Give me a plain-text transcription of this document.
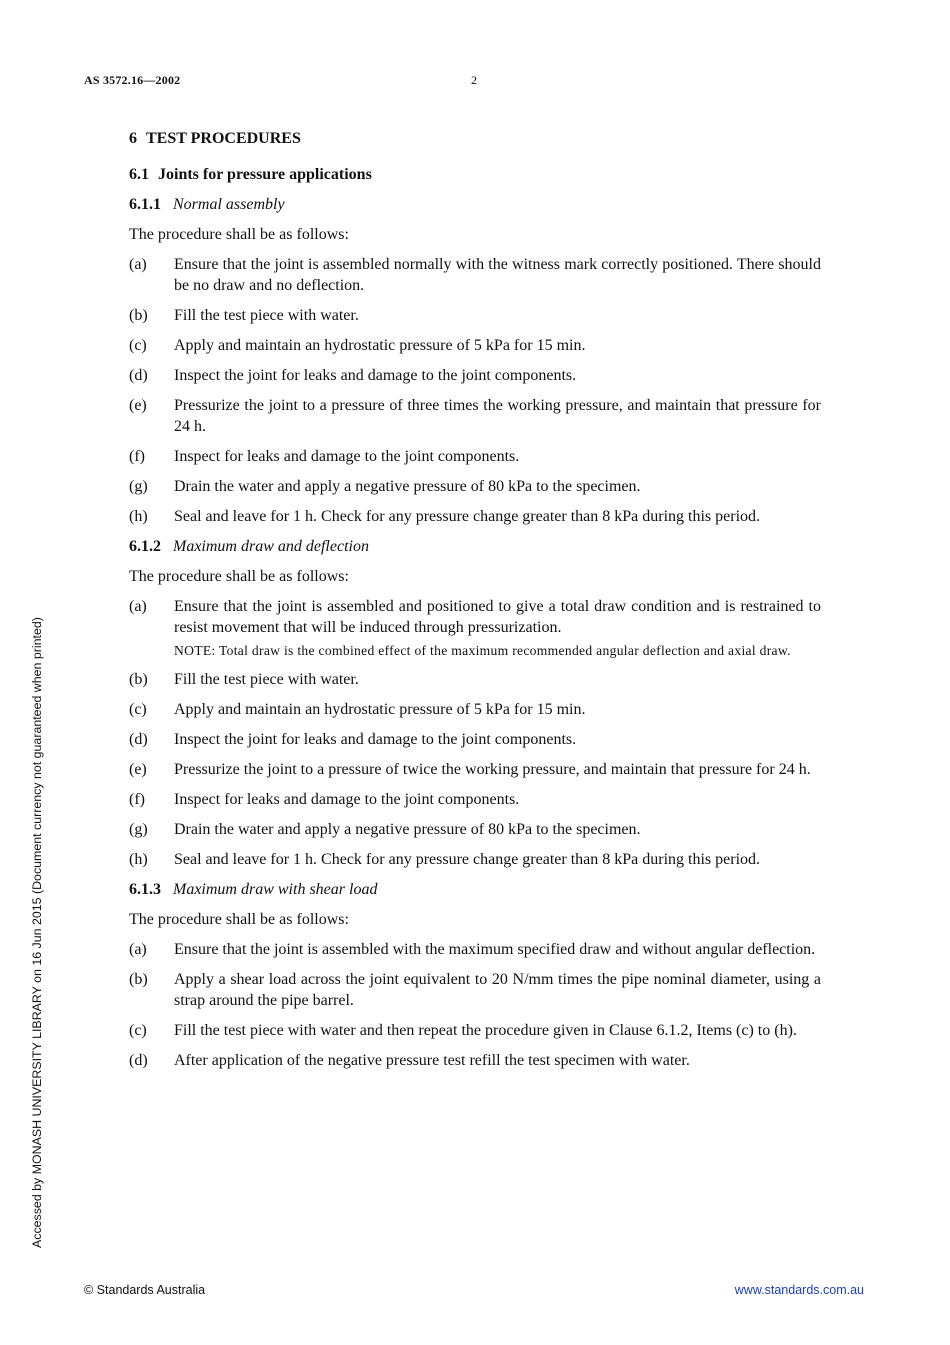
AS 3572.16—2002	2
Accessed by MONASH UNIVERSITY LIBRARY on 16 Jun 2015 (Document currency not guaranteed when printed)
6 TEST PROCEDURES
6.1 Joints for pressure applications
6.1.1 Normal assembly
The procedure shall be as follows:
(a)	Ensure that the joint is assembled normally with the witness mark correctly positioned. There should be no draw and no deflection.
(b)	Fill the test piece with water.
(c)	Apply and maintain an hydrostatic pressure of 5 kPa for 15 min.
(d)	Inspect the joint for leaks and damage to the joint components.
(e)	Pressurize the joint to a pressure of three times the working pressure, and maintain that pressure for 24 h.
(f)	Inspect for leaks and damage to the joint components.
(g)	Drain the water and apply a negative pressure of 80 kPa to the specimen.
(h)	Seal and leave for 1 h. Check for any pressure change greater than 8 kPa during this period.
6.1.2 Maximum draw and deflection
The procedure shall be as follows:
(a)	Ensure that the joint is assembled and positioned to give a total draw condition and is restrained to resist movement that will be induced through pressurization.
NOTE: Total draw is the combined effect of the maximum recommended angular deflection and axial draw.
(b)	Fill the test piece with water.
(c)	Apply and maintain an hydrostatic pressure of 5 kPa for 15 min.
(d)	Inspect the joint for leaks and damage to the joint components.
(e)	Pressurize the joint to a pressure of twice the working pressure, and maintain that pressure for 24 h.
(f)	Inspect for leaks and damage to the joint components.
(g)	Drain the water and apply a negative pressure of 80 kPa to the specimen.
(h)	Seal and leave for 1 h. Check for any pressure change greater than 8 kPa during this period.
6.1.3 Maximum draw with shear load
The procedure shall be as follows:
(a)	Ensure that the joint is assembled with the maximum specified draw and without angular deflection.
(b)	Apply a shear load across the joint equivalent to 20 N/mm times the pipe nominal diameter, using a strap around the pipe barrel.
(c)	Fill the test piece with water and then repeat the procedure given in Clause 6.1.2, Items (c) to (h).
(d)	After application of the negative pressure test refill the test specimen with water.
© Standards Australia	www.standards.com.au
